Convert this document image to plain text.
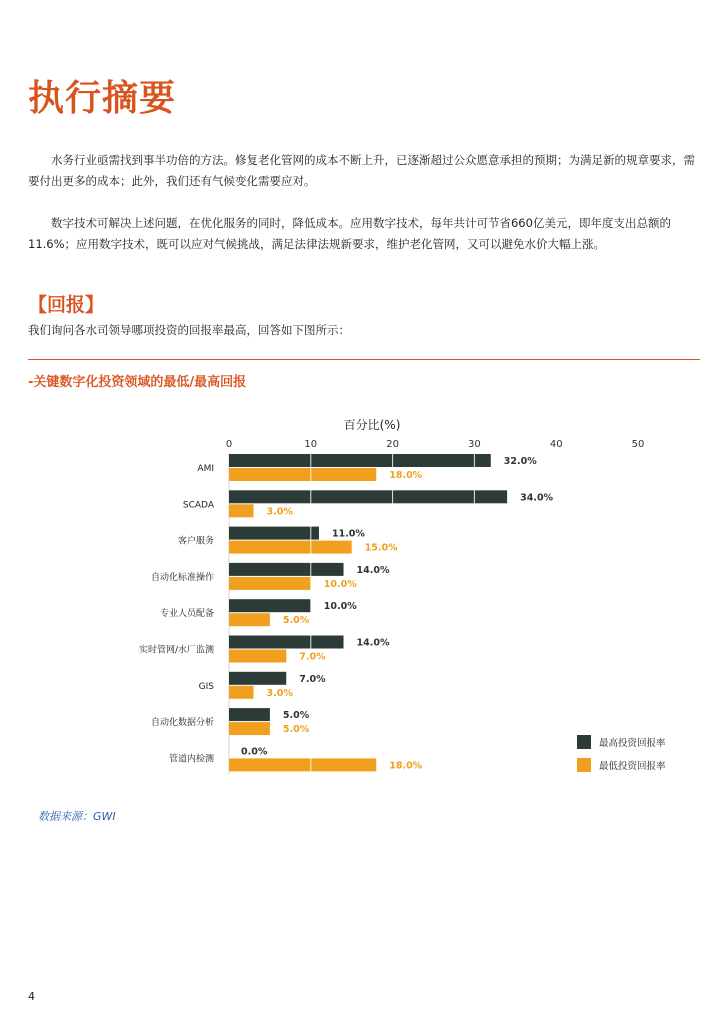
执行摘要

水务行业亟需找到事半功倍的方法。修复老化管网的成本不断上升，已逐渐超过公众愿意承担的预期；为满足新的规章要求，需要付出更多的成本；此外，我们还有气候变化需要应对。

数字技术可解决上述问题，在优化服务的同时，降低成本。应用数字技术，每年共计可节省660亿美元，即年度支出总额的11.6%；应用数字技术，既可以应对气候挑战，满足法律法规新要求，维护老化管网，又可以避免水价大幅上涨。

【回报】

我们询问各水司领导哪项投资的回报率最高，回答如下图所示：

-关键数字化投资领域的最低/最高回报

百分比(%)
0	10	20	30	40	50
AMI
32.0%
18.0%
SCADA
34.0%
3.0%
客户服务
11.0%
15.0%
自动化标准操作
14.0%
10.0%
专业人员配备
10.0%
5.0%
实时管网/水厂监测
14.0%
7.0%
GIS
7.0%
3.0%
自动化数据分析
5.0%
5.0%
管道内检测
0.0%
18.0%
最高投资回报率
最低投资回报率

数据来源：GWI

4
